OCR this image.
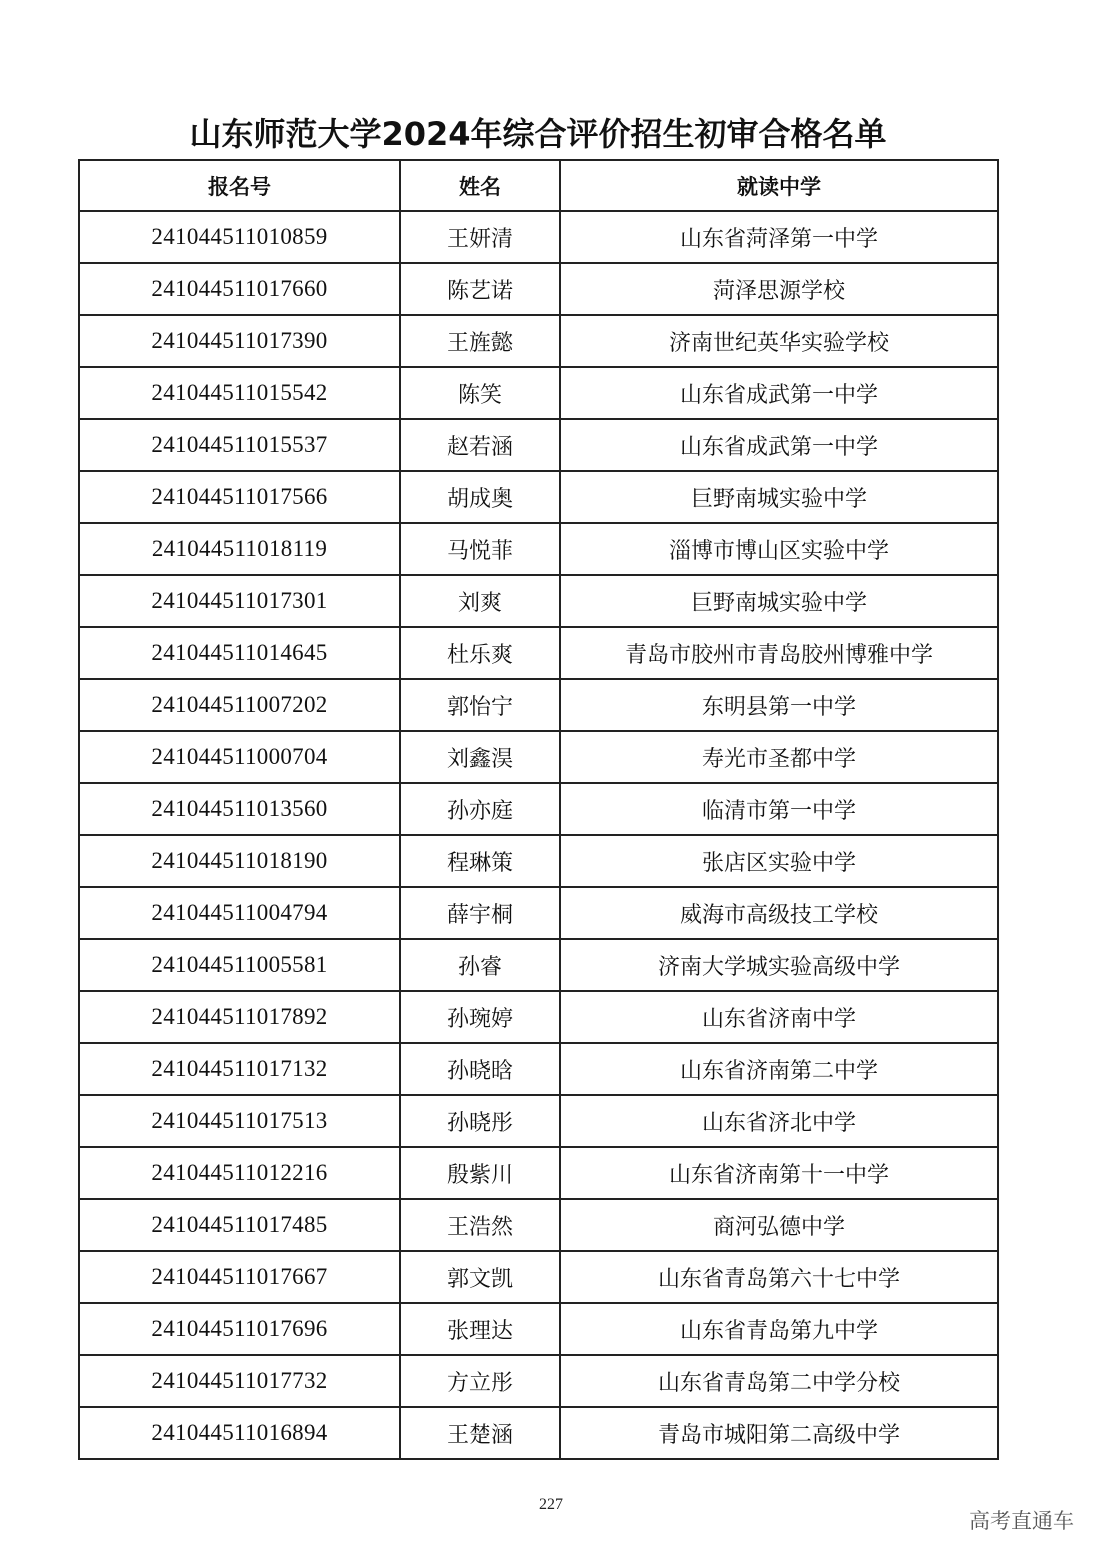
山东师范大学2024年综合评价招生初审合格名单
报名号	姓名	就读中学
241044511010859	王妍清	山东省菏泽第一中学
241044511017660	陈艺诺	菏泽思源学校
241044511017390	王旌懿	济南世纪英华实验学校
241044511015542	陈笑	山东省成武第一中学
241044511015537	赵若涵	山东省成武第一中学
241044511017566	胡成奥	巨野南城实验中学
241044511018119	马悦菲	淄博市博山区实验中学
241044511017301	刘爽	巨野南城实验中学
241044511014645	杜乐爽	青岛市胶州市青岛胶州博雅中学
241044511007202	郭怡宁	东明县第一中学
241044511000704	刘鑫淏	寿光市圣都中学
241044511013560	孙亦庭	临清市第一中学
241044511018190	程琳策	张店区实验中学
241044511004794	薛宇桐	威海市高级技工学校
241044511005581	孙睿	济南大学城实验高级中学
241044511017892	孙琬婷	山东省济南中学
241044511017132	孙晓晗	山东省济南第二中学
241044511017513	孙晓彤	山东省济北中学
241044511012216	殷紫川	山东省济南第十一中学
241044511017485	王浩然	商河弘德中学
241044511017667	郭文凯	山东省青岛第六十七中学
241044511017696	张理达	山东省青岛第九中学
241044511017732	方立彤	山东省青岛第二中学分校
241044511016894	王楚涵	青岛市城阳第二高级中学
227
高考直通车
